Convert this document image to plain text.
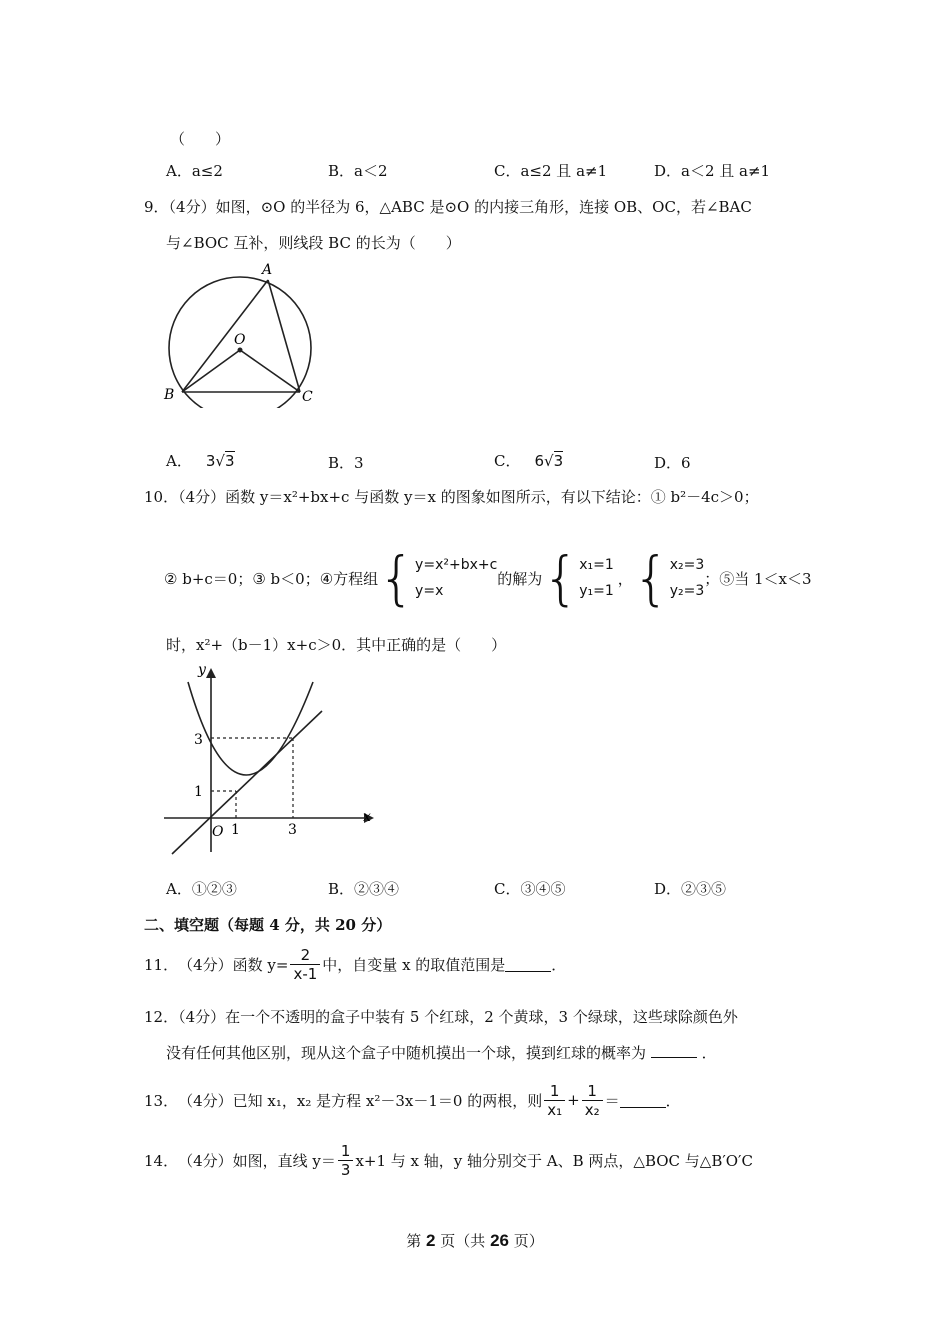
（　　）
A．a≤2	B．a＜2	C．a≤2 且 a≠1	D．a＜2 且 a≠1
9．（4分）如图，⊙O 的半径为 6，△ABC 是⊙O 的内接三角形，连接 OB、OC，若∠BAC
与∠BOC 互补，则线段 BC 的长为（　　）
A
O
B	C
A． 3√3	B．3	C． 6√3	D．6
10．（4分）函数 y＝x²+bx+c 与函数 y＝x 的图象如图所示，有以下结论：① b²－4c＞0；
② b+c＝0；③ b＜0；④方程组 { y=x²+bx+c
y=x
的解为 { x₁=1
y₁=1
， { x₂=3
y₂=3
；⑤当 1＜x＜3
时，x²+（b－1）x+c＞0．其中正确的是（　　）
y
x
O 1	3
1
3
A．①②③	B．②③④	C．③④⑤	D．②③⑤
二、填空题（每题 4 分，共 20 分）
11． （4分） 函数 $y= \frac{2}{x-1}$ 中，自变量 x 的取值范围是	．
12．（4分）在一个不透明的盒子中装有 5 个红球，2 个黄球，3 个绿球，这些球除颜色外
没有任何其他区别，现从这个盒子中随机摸出一个球，摸到红球的概率为	．
13． （4分） 已知 x₁，x₂ 是方程 x²－3x－1＝0 的两根，则 $\frac{1}{\text{x₁}} + \frac{1}{\text{x₂}}$ ＝	．
14． （4分） 如图，直线 $y= \frac{1}{3} x+1$ 与 x 轴，y 轴分别交于 A、B 两点，△BOC 与△B′O′C
第 2 页（共 26 页）
